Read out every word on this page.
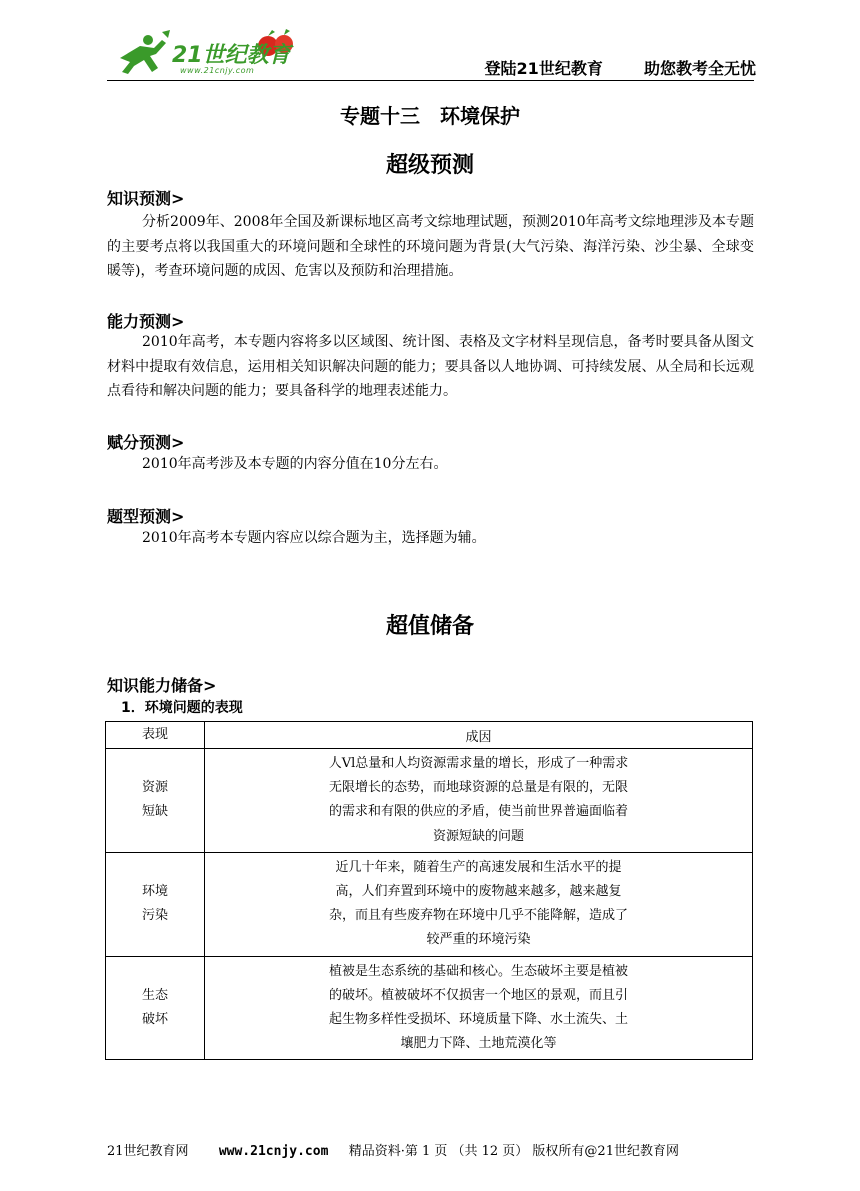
21世纪教育
www.21cnjy.com	登陆21世纪教育	助您教考全无忧
专题十三　环境保护
超级预测
知识预测>
分析2009年、2008年全国及新课标地区高考文综地理试题，预测2010年高考文综地理涉及本专题的主要考点将以我国重大的环境问题和全球性的环境问题为背景(大气污染、海洋污染、沙尘暴、全球变暖等)，考查环境问题的成因、危害以及预防和治理措施。
能力预测>
2010年高考，本专题内容将多以区域图、统计图、表格及文字材料呈现信息，备考时要具备从图文材料中提取有效信息，运用相关知识解决问题的能力；要具备以人地协调、可持续发展、从全局和长远观点看待和解决问题的能力；要具备科学的地理表述能力。
赋分预测>
2010年高考涉及本专题的内容分值在10分左右。
题型预测>
2010年高考本专题内容应以综合题为主，选择题为辅。
超值储备
知识能力储备>
1．环境问题的表现
表现	成因

资源
短缺	人Vl总量和人均资源需求量的增长，形成了一种需求无限增长的态势，而地球资源的总量是有限的，无限的需求和有限的供应的矛盾，使当前世界普遍面临着资源短缺的问题

环境
污染	近几十年来，随着生产的高速发展和生活水平的提高，人们弃置到环境中的废物越来越多，越来越复杂，而且有些废弃物在环境中几乎不能降解，造成了较严重的环境污染

生态
破坏	植被是生态系统的基础和核心。生态破坏主要是植被的破坏。植被破坏不仅损害一个地区的景观，而且引起生物多样性受损坏、环境质量下降、水土流失、土壤肥力下降、土地荒漠化等
21世纪教育网 www.21cnjy.com 精品资料·第 1 页 （共 12 页） 版权所有@21世纪教育网
